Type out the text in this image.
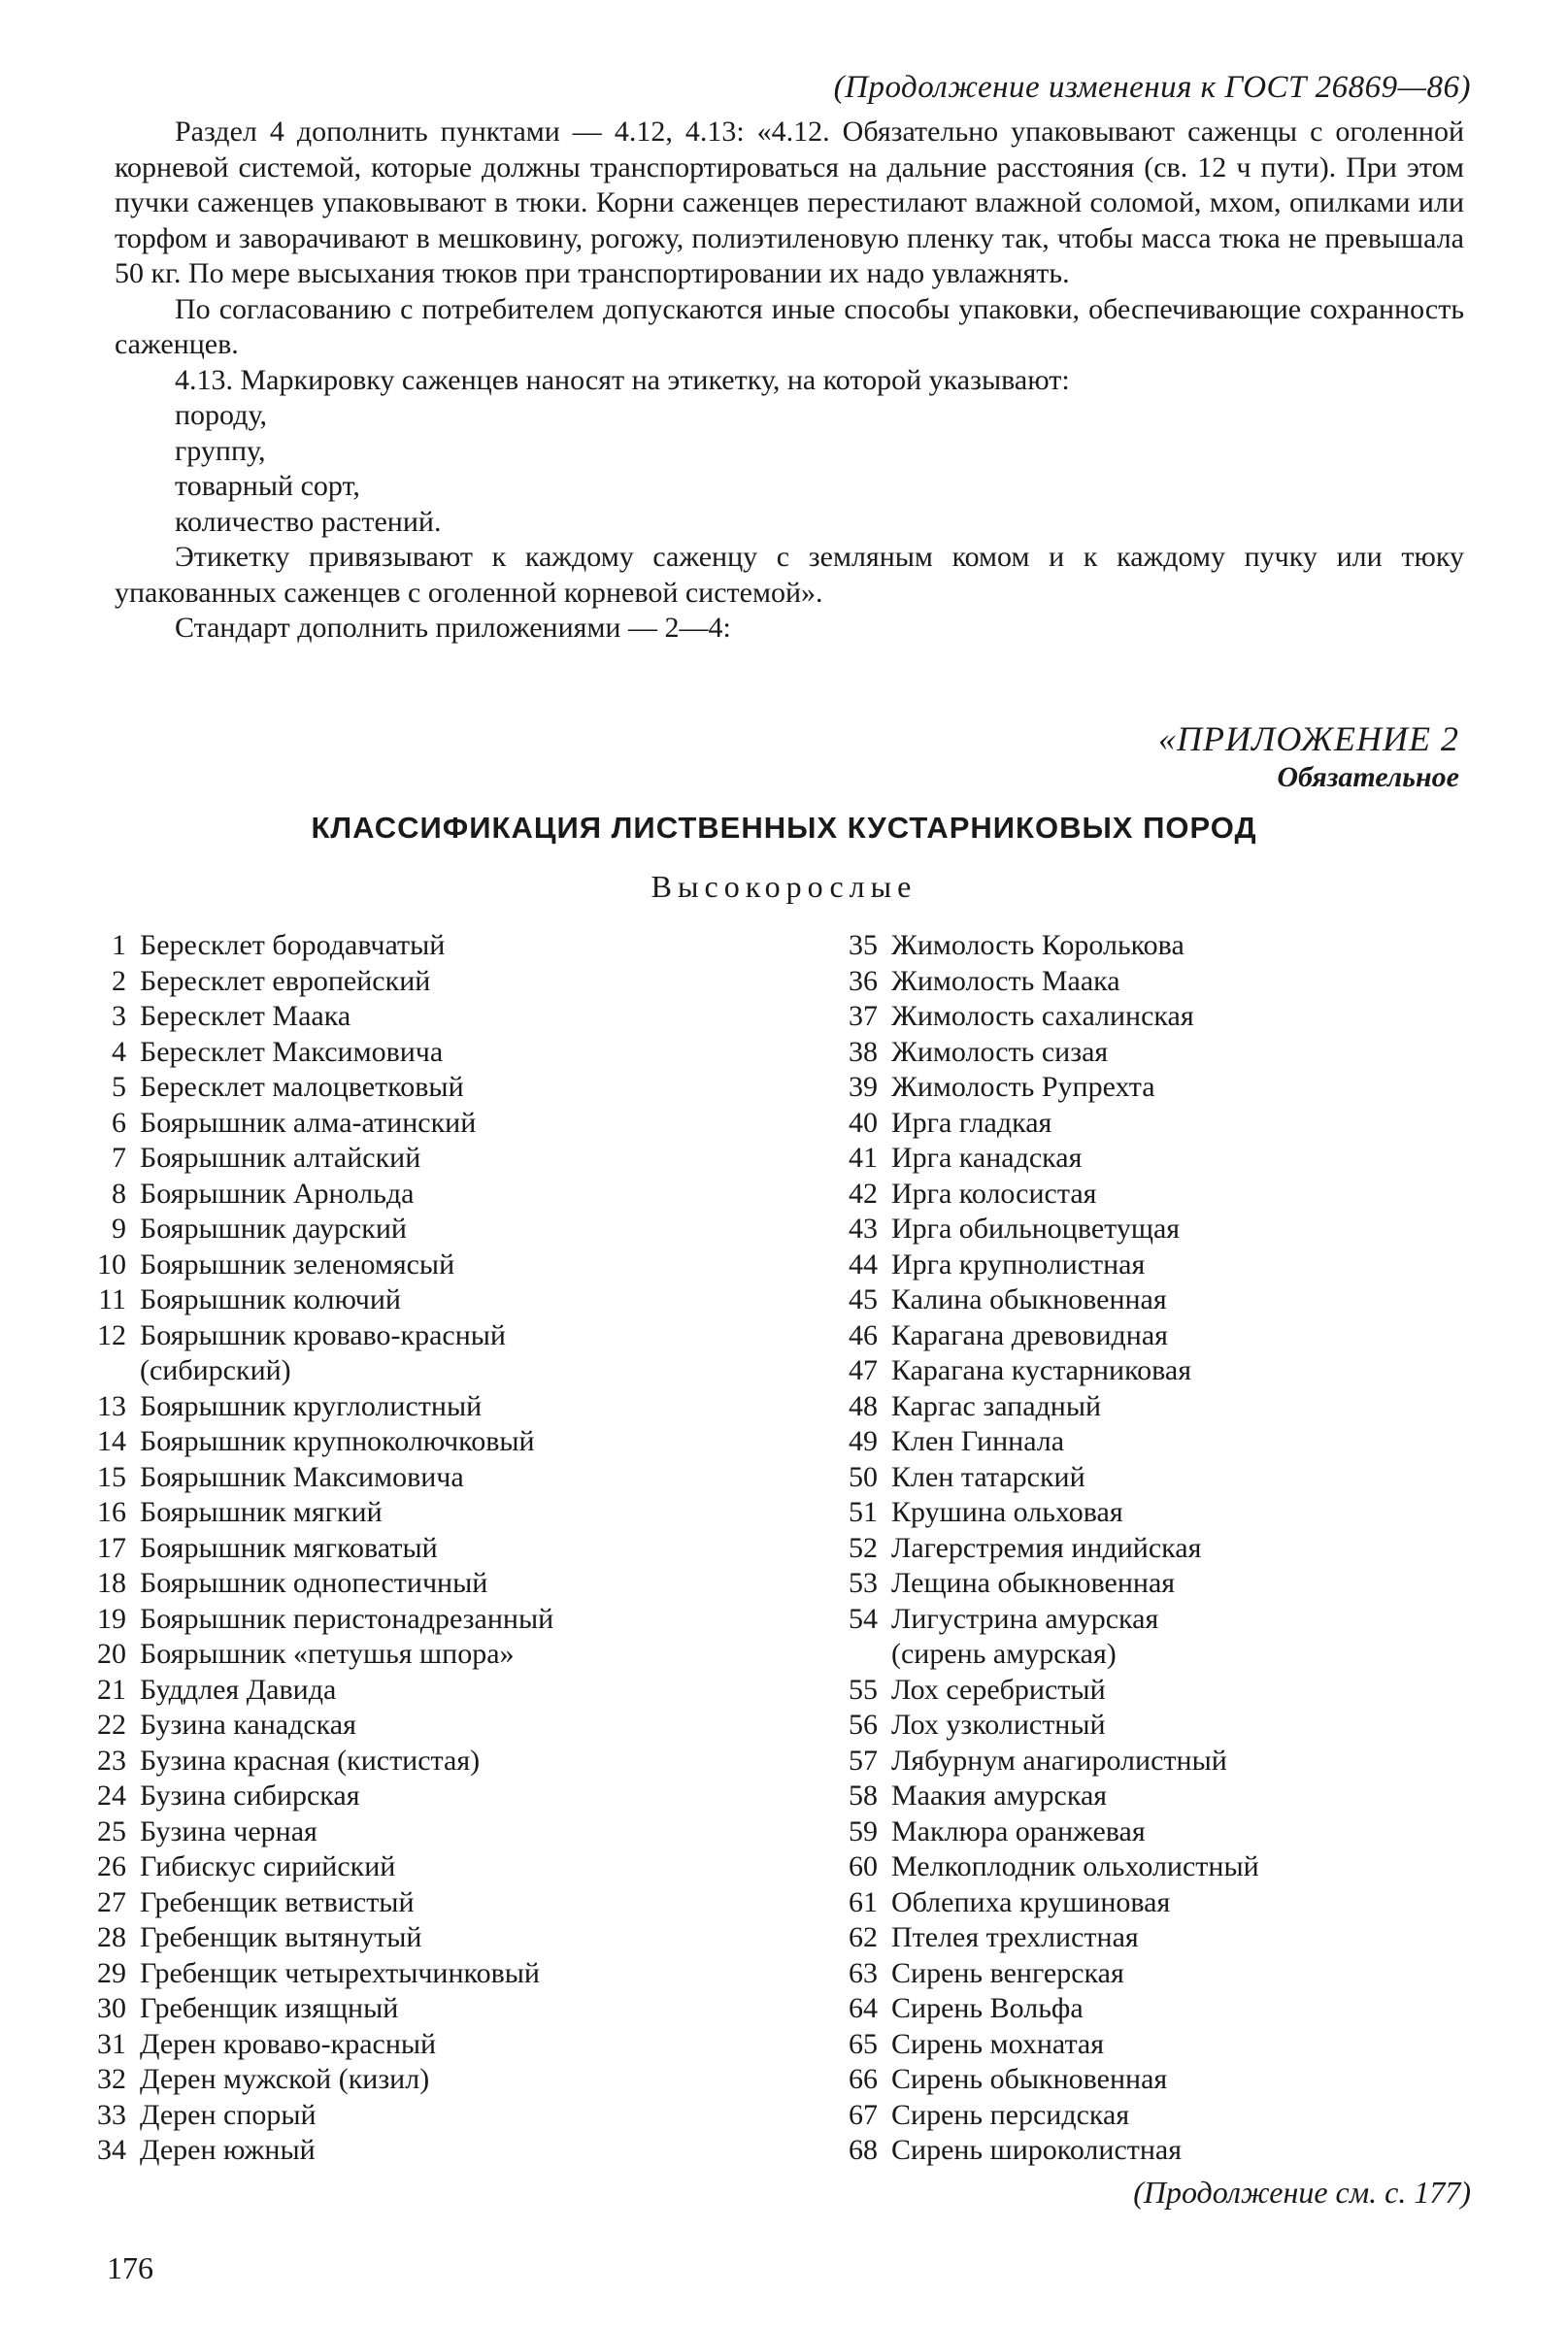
(Продолжение изменения к ГОСТ 26869—86)

Раздел 4 дополнить пунктами — 4.12, 4.13: «4.12. Обязательно упаковывают саженцы с оголенной корневой системой, которые должны транспортироваться на дальние расстояния (св. 12 ч пути). При этом пучки саженцев упаковывают в тюки. Корни саженцев перестилают влажной соломой, мхом, опилками или торфом и заворачивают в мешковину, рогожу, полиэтиленовую пленку так, чтобы масса тюка не превышала 50 кг. По мере высыхания тюков при транспортировании их надо увлажнять.

По согласованию с потребителем допускаются иные способы упаковки, обеспечивающие сохранность саженцев.

4.13. Маркировку саженцев наносят на этикетку, на которой указывают:

породу,
группу,
товарный сорт,
количество растений.

Этикетку привязывают к каждому саженцу с земляным комом и к каждому пучку или тюку упакованных саженцев с оголенной корневой системой».

Стандарт дополнить приложениями — 2—4:

«ПРИЛОЖЕНИЕ 2
Обязательное
КЛАССИФИКАЦИЯ ЛИСТВЕННЫХ КУСТАРНИКОВЫХ ПОРОД
Высокорослые
1 Бересклет бородавчатый
2 Бересклет европейский
3 Бересклет Маака
4 Бересклет Максимовича
5 Бересклет малоцветковый
6 Боярышник алма-атинский
7 Боярышник алтайский
8 Боярышник Арнольда
9 Боярышник даурский
10 Боярышник зеленомясый
11 Боярышник колючий
12 Боярышник кроваво-красный
(сибирский)
13 Боярышник круглолистный
14 Боярышник крупноколючковый
15 Боярышник Максимовича
16 Боярышник мягкий
17 Боярышник мягковатый
18 Боярышник однопестичный
19 Боярышник перистонадрезанный
20 Боярышник «петушья шпора»
21 Буддлея Давида
22 Бузина канадская
23 Бузина красная (кистистая)
24 Бузина сибирская
25 Бузина черная
26 Гибискус сирийский
27 Гребенщик ветвистый
28 Гребенщик вытянутый
29 Гребенщик четырехтычинковый
30 Гребенщик изящный
31 Дерен кроваво-красный
32 Дерен мужской (кизил)
33 Дерен спорый
34 Дерен южный
35 Жимолость Королькова
36 Жимолость Маака
37 Жимолость сахалинская
38 Жимолость сизая
39 Жимолость Рупрехта
40 Ирга гладкая
41 Ирга канадская
42 Ирга колосистая
43 Ирга обильноцветущая
44 Ирга крупнолистная
45 Калина обыкновенная
46 Карагана древовидная
47 Карагана кустарниковая
48 Каргас западный
49 Клен Гиннала
50 Клен татарский
51 Крушина ольховая
52 Лагерстремия индийская
53 Лещина обыкновенная
54 Лигустрина амурская
(сирень амурская)
55 Лох серебристый
56 Лох узколистный
57 Лябурнум анагиролистный
58 Маакия амурская
59 Маклюра оранжевая
60 Мелкоплодник ольхолистный
61 Облепиха крушиновая
62 Птелея трехлистная
63 Сирень венгерская
64 Сирень Вольфа
65 Сирень мохнатая
66 Сирень обыкновенная
67 Сирень персидская
68 Сирень широколистная
(Продолжение см. с. 177)
176
